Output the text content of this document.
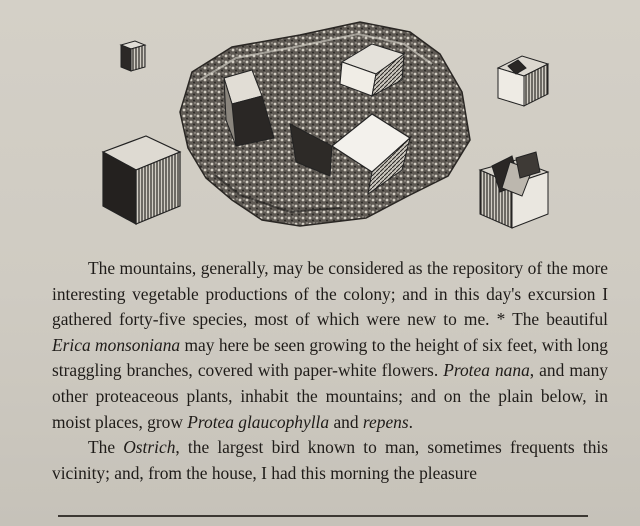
The mountains, generally, may be considered as the repository of the more interesting vegetable productions of the colony; and in this day's excursion I gathered forty-five species, most of which were new to me. * The beautiful Erica monsoniana may here be seen growing to the height of six feet, with long straggling branches, covered with paper-white flowers. Protea nana, and many other proteaceous plants, inhabit the mountains; and on the plain below, in moist places, grow Protea glaucophylla and repens.

The Ostrich, the largest bird known to man, sometimes frequents this vicinity; and, from the house, I had this morning the pleasure
